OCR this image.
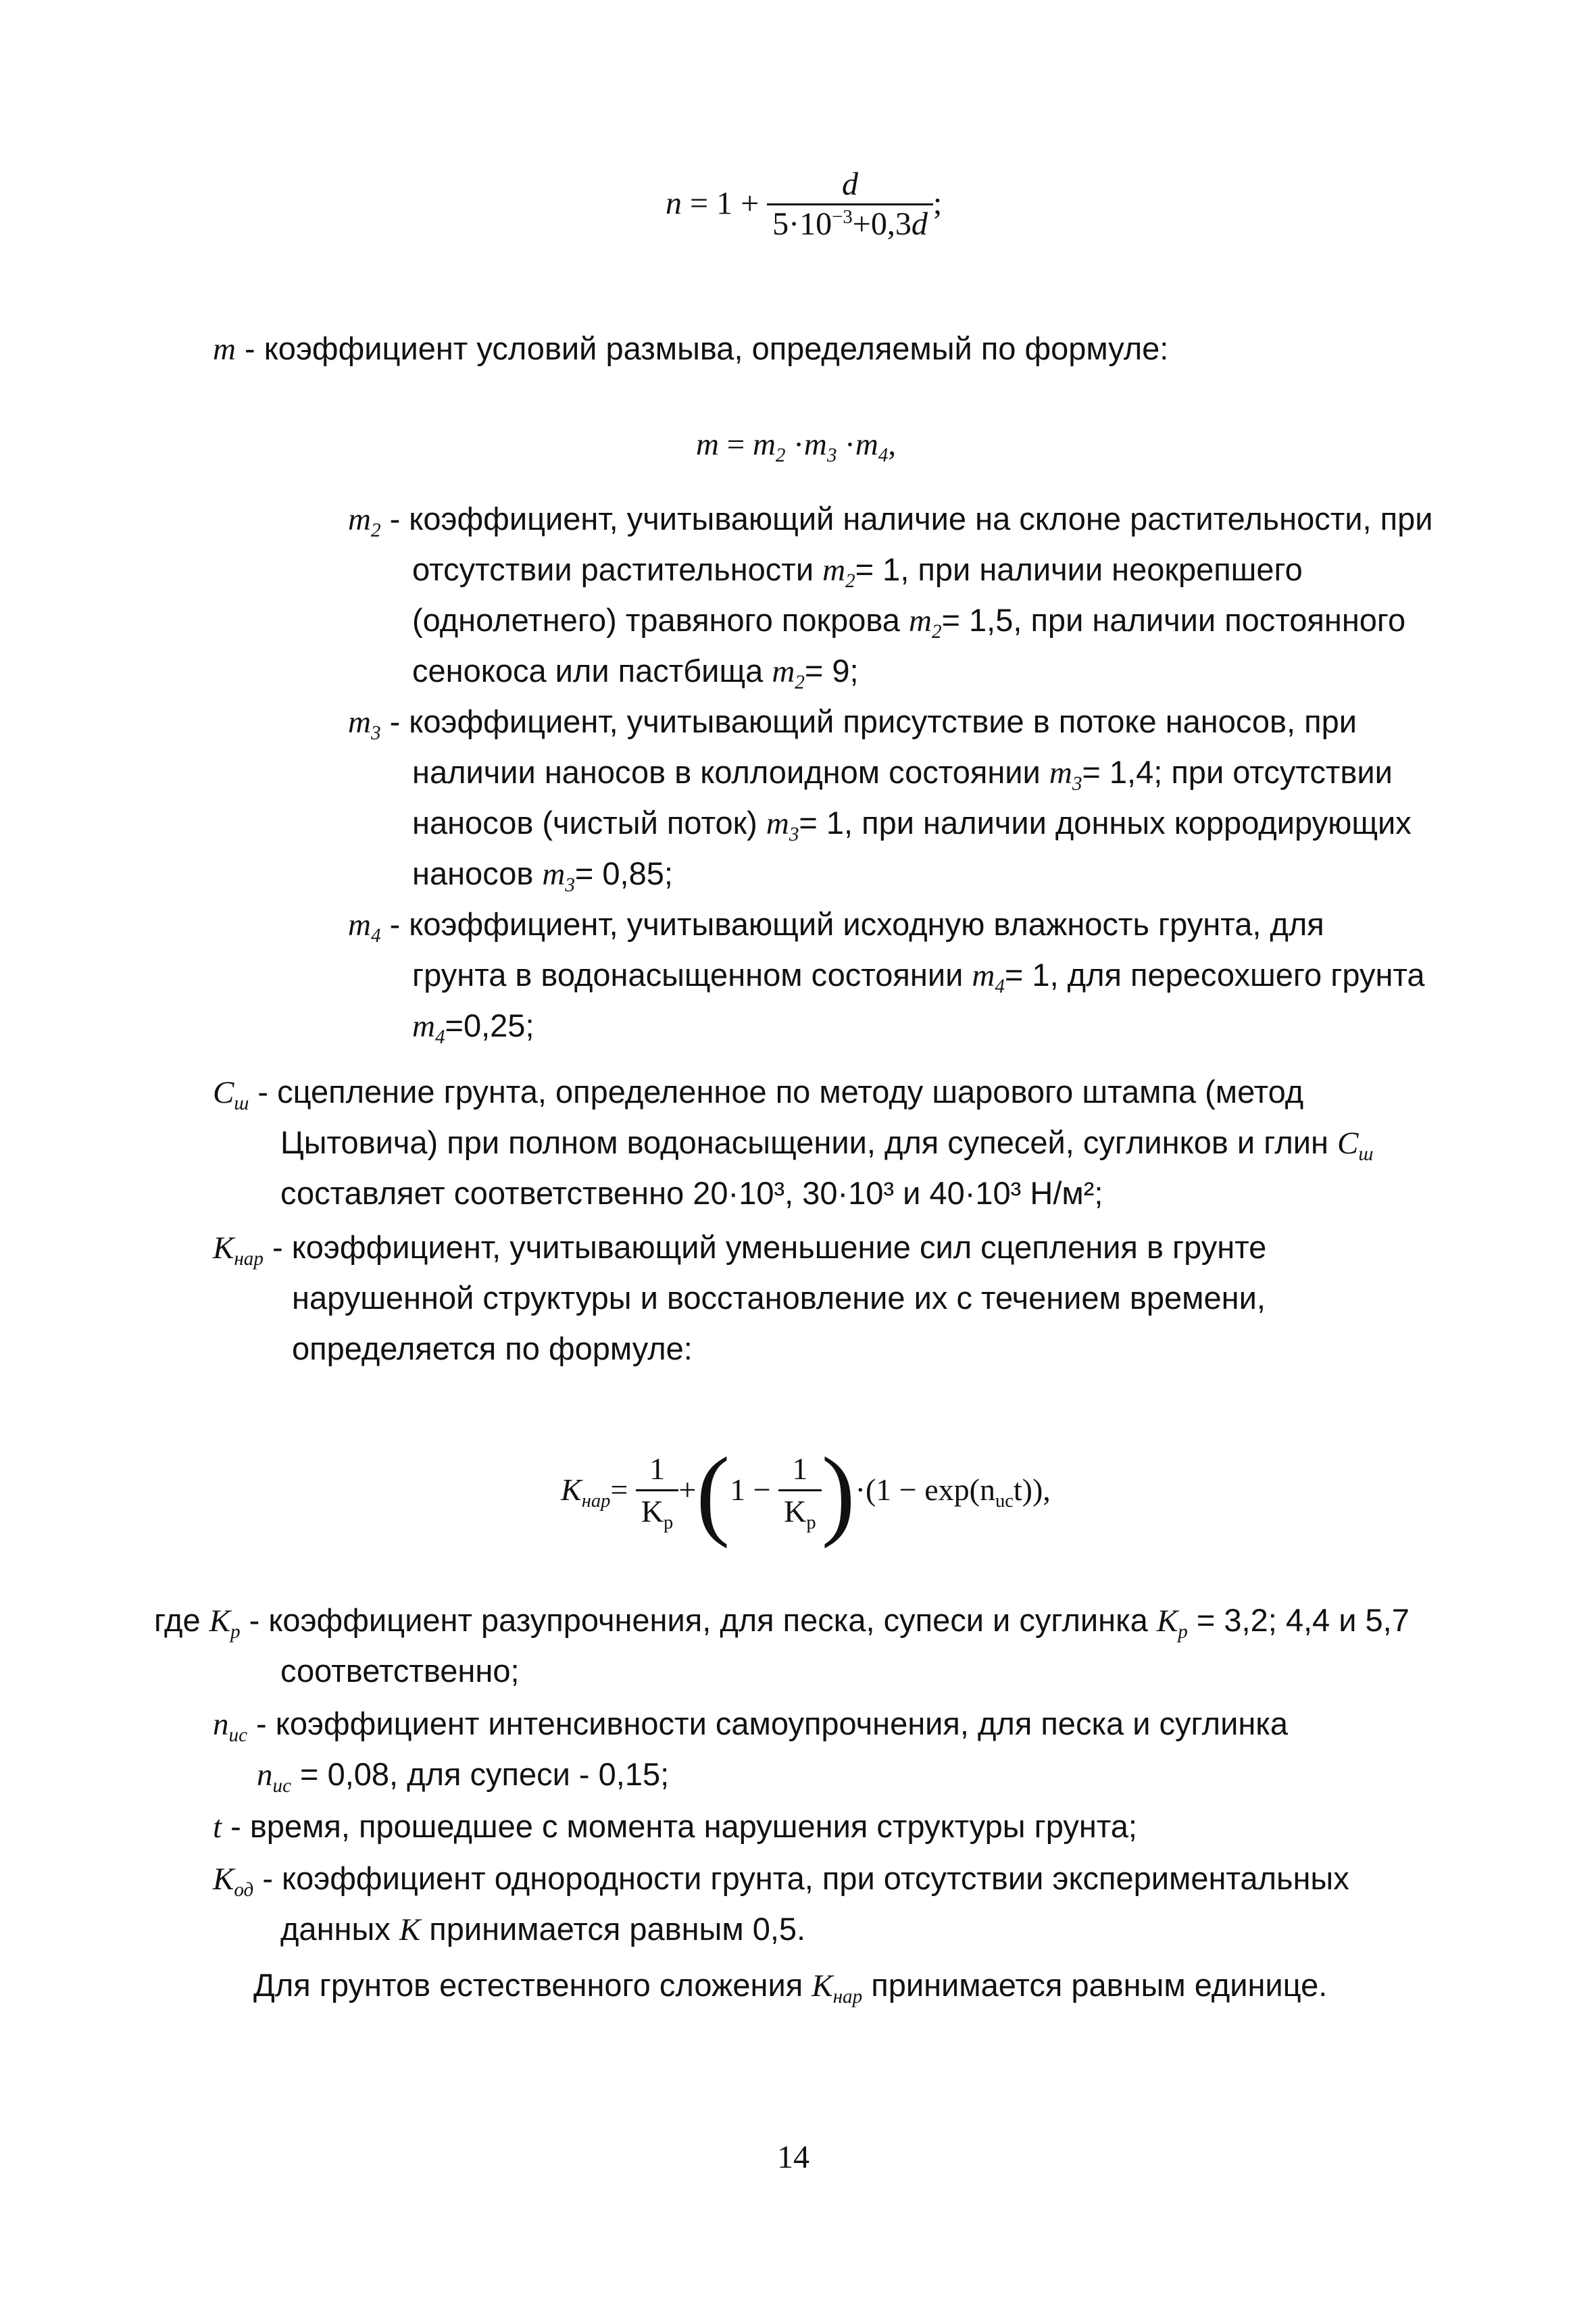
$n = 1 + \frac{d}{5\cdot 10^{-3}+0,3d}$ ;
m - коэффициент условий размыва, определяемый по формуле:
$m = m_2 \cdot m_3 \cdot m_4$,
$m_2$ - коэффициент, учитывающий наличие на склоне растительности, при
отсутствии растительности $m_2= 1$, при наличии неокрепшего
(однолетнего) травяного покрова $m_2= 1,5$, при наличии постоянного
сенокоса или пастбища $m_2= 9$;
$m_3$ - коэффициент, учитывающий присутствие в потоке наносов, при
наличии наносов в коллоидном состоянии $m_3= 1,4$; при отсутствии
наносов (чистый поток) $m_3= 1$, при наличии донных корродирующих
наносов $m_3= 0,85$;
$m_4$ - коэффициент, учитывающий исходную влажность грунта, для
грунта в водонасыщенном состоянии $m_4= 1$, для пересохшего грунта
$m_4=0,25$;
$C_ш$ - сцепление грунта, определенное по методу шарового штампа (метод
Цытовича) при полном водонасыщении, для супесей, суглинков и глин $C_ш$
составляет соответственно 20·10³, 30·10³ и 40·10³ Н/м²;
$K_{нар}$ - коэффициент, учитывающий уменьшение сил сцепления в грунте
нарушенной структуры и восстановление их с течением времени,
определяется по формуле:
$K_{нар}= \frac{1}{K_p} +(1 - \frac{1}{K_p} )\cdot(1 - \exp(n_{uc}t))$,
где $K_p$ - коэффициент разупрочнения, для песка, супеси и суглинка $K_p = 3,2$; 4,4 и 5,7
соответственно;
$n_{uc}$ - коэффициент интенсивности самоупрочнения, для песка и суглинка
$n_{uc} = 0,08$, для супеси - 0,15;
t - время, прошедшее с момента нарушения структуры грунта;
$K_{од}$ - коэффициент однородности грунта, при отсутствии экспериментальных
данных K принимается равным 0,5.
Для грунтов естественного сложения $K_{нар}$ принимается равным единице.
14
